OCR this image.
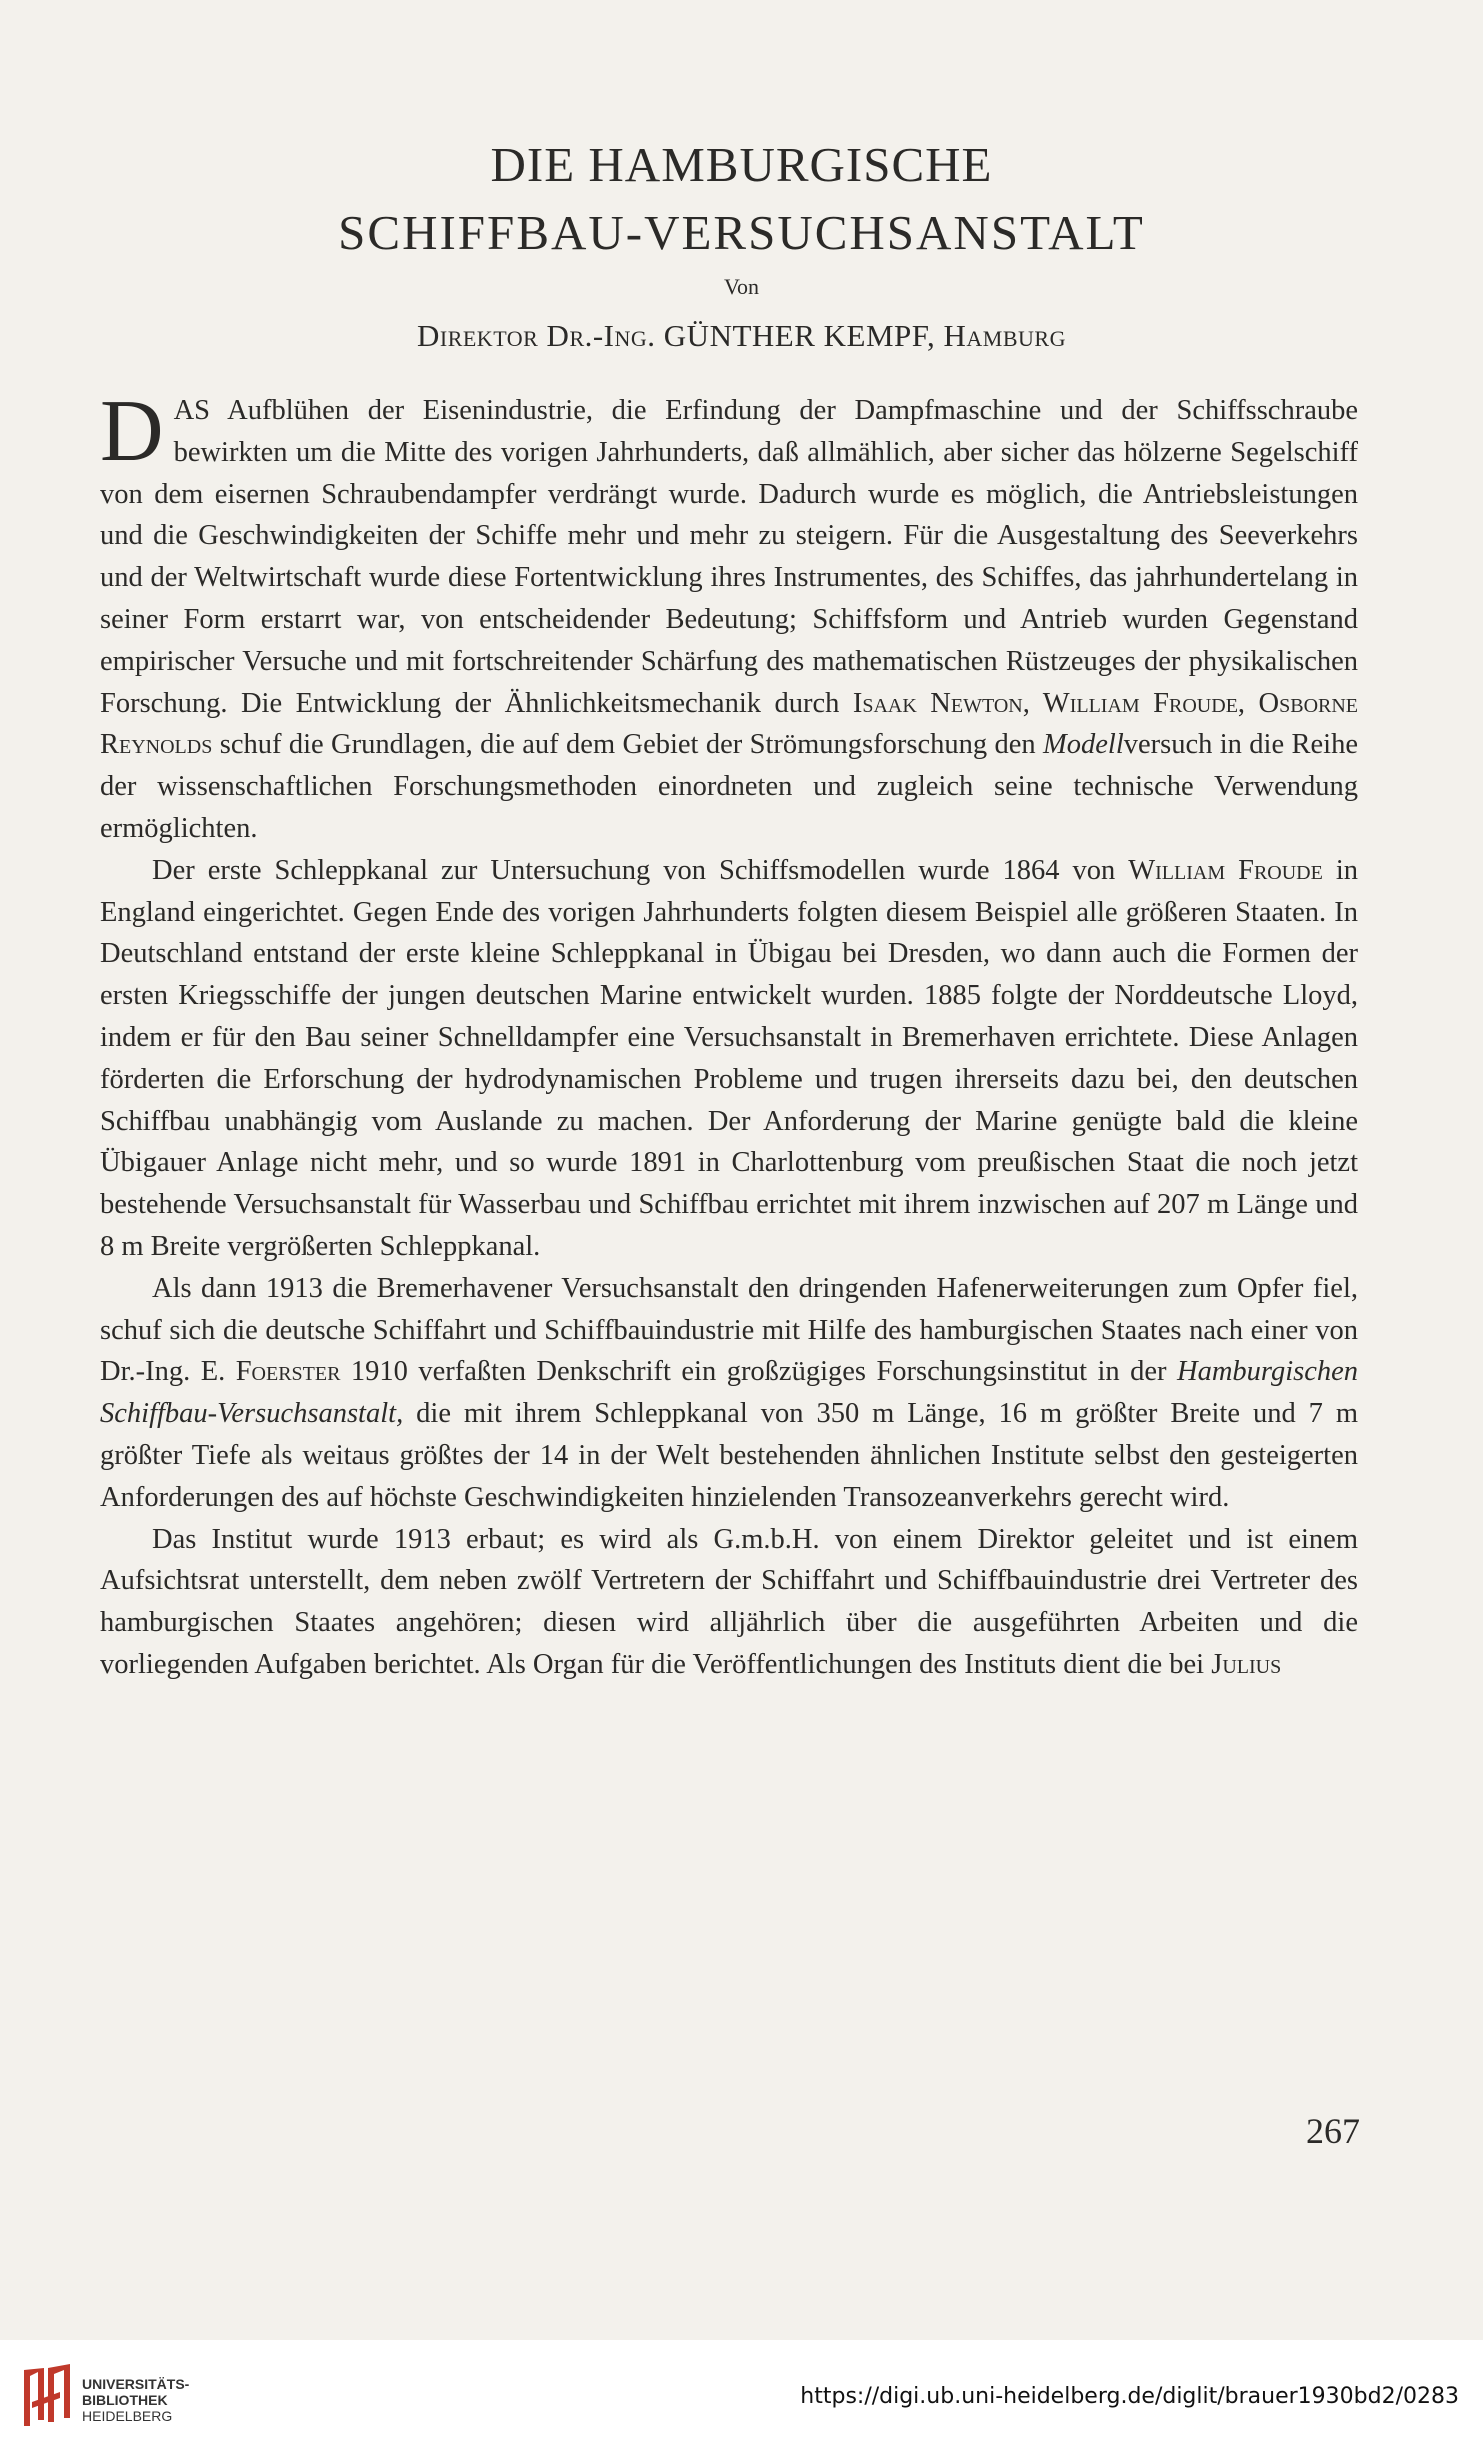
DIE HAMBURGISCHE
SCHIFFBAU-VERSUCHSANSTALT
Von
Direktor Dr.-Ing. GÜNTHER KEMPF, Hamburg

DAS Aufblühen der Eisenindustrie, die Erfindung der Dampfmaschine und der Schiffsschraube bewirkten um die Mitte des vorigen Jahrhunderts, daß allmählich, aber sicher das hölzerne Segelschiff von dem eisernen Schraubendampfer verdrängt wurde. Dadurch wurde es möglich, die Antriebsleistungen und die Geschwindigkeiten der Schiffe mehr und mehr zu steigern. Für die Ausgestaltung des Seeverkehrs und der Weltwirtschaft wurde diese Fortentwicklung ihres Instrumentes, des Schiffes, das jahrhundertelang in seiner Form erstarrt war, von entscheidender Bedeutung; Schiffsform und Antrieb wurden Gegenstand empirischer Versuche und mit fortschreitender Schärfung des mathematischen Rüstzeuges der physikalischen Forschung. Die Entwicklung der Ähnlichkeitsmechanik durch Isaak Newton, William Froude, Osborne Reynolds schuf die Grundlagen, die auf dem Gebiet der Strömungsforschung den Modellversuch in die Reihe der wissenschaftlichen Forschungsmethoden einordneten und zugleich seine technische Verwendung ermöglichten.

Der erste Schleppkanal zur Untersuchung von Schiffsmodellen wurde 1864 von William Froude in England eingerichtet. Gegen Ende des vorigen Jahrhunderts folgten diesem Beispiel alle größeren Staaten. In Deutschland entstand der erste kleine Schleppkanal in Übigau bei Dresden, wo dann auch die Formen der ersten Kriegsschiffe der jungen deutschen Marine entwickelt wurden. 1885 folgte der Norddeutsche Lloyd, indem er für den Bau seiner Schnelldampfer eine Versuchsanstalt in Bremerhaven errichtete. Diese Anlagen förderten die Erforschung der hydrodynamischen Probleme und trugen ihrerseits dazu bei, den deutschen Schiffbau unabhängig vom Auslande zu machen. Der Anforderung der Marine genügte bald die kleine Übigauer Anlage nicht mehr, und so wurde 1891 in Charlottenburg vom preußischen Staat die noch jetzt bestehende Versuchsanstalt für Wasserbau und Schiffbau errichtet mit ihrem inzwischen auf 207 m Länge und 8 m Breite vergrößerten Schleppkanal.

Als dann 1913 die Bremerhavener Versuchsanstalt den dringenden Hafenerweiterungen zum Opfer fiel, schuf sich die deutsche Schiffahrt und Schiffbauindustrie mit Hilfe des hamburgischen Staates nach einer von Dr.-Ing. E. Foerster 1910 verfaßten Denkschrift ein großzügiges Forschungsinstitut in der Hamburgischen Schiffbau-Versuchsanstalt, die mit ihrem Schleppkanal von 350 m Länge, 16 m größter Breite und 7 m größter Tiefe als weitaus größtes der 14 in der Welt bestehenden ähnlichen Institute selbst den gesteigerten Anforderungen des auf höchste Geschwindigkeiten hinzielenden Transozeanverkehrs gerecht wird.

Das Institut wurde 1913 erbaut; es wird als G.m.b.H. von einem Direktor geleitet und ist einem Aufsichtsrat unterstellt, dem neben zwölf Vertretern der Schiffahrt und Schiffbauindustrie drei Vertreter des hamburgischen Staates angehören; diesen wird alljährlich über die ausgeführten Arbeiten und die vorliegenden Aufgaben berichtet. Als Organ für die Veröffentlichungen des Instituts dient die bei Julius

267
UNIVERSITÄTS-
BIBLIOTHEK
HEIDELBERG
https://digi.ub.uni-heidelberg.de/diglit/brauer1930bd2/0283
